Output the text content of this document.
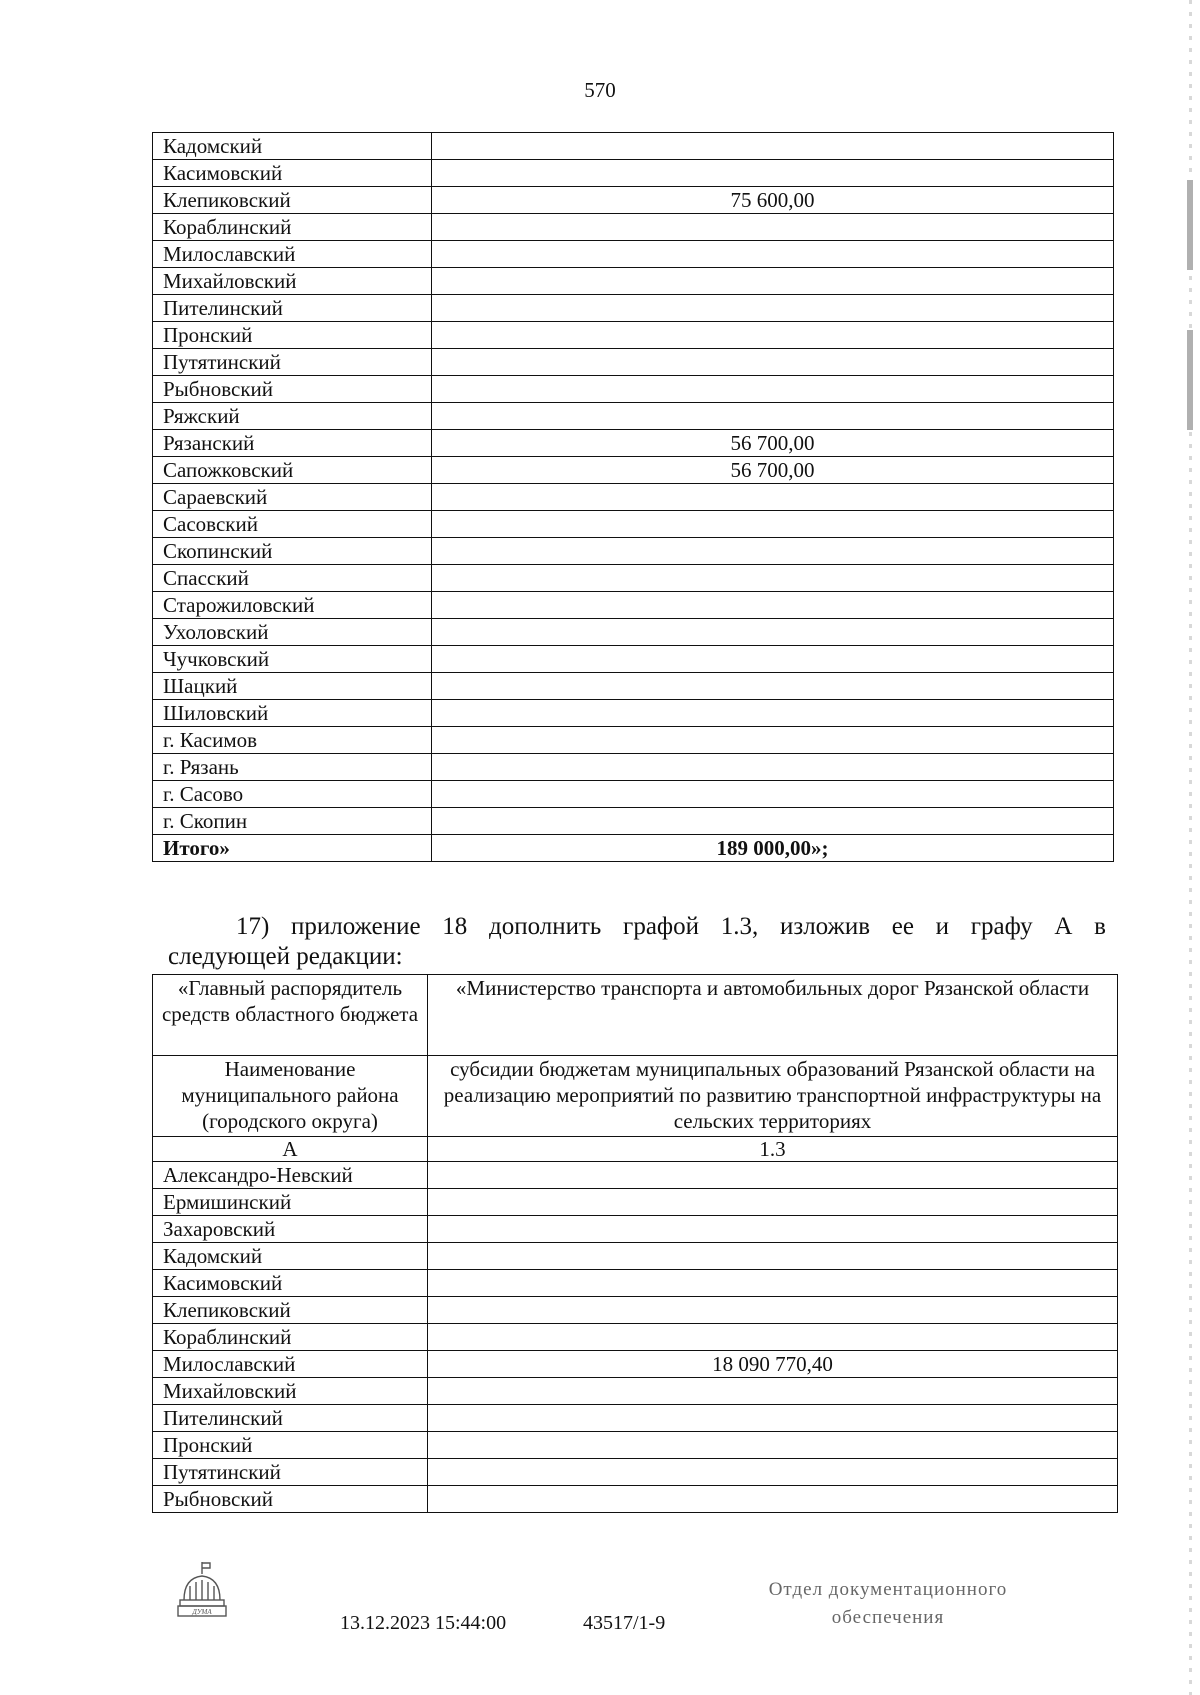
570
Кадомский	
Касимовский	
Клепиковский	75 600,00
Кораблинский	
Милославский	
Михайловский	
Пителинский	
Пронский	
Путятинский	
Рыбновский	
Ряжский	
Рязанский	56 700,00
Сапожковский	56 700,00
Сараевский	
Сасовский	
Скопинский	
Спасский	
Старожиловский	
Ухоловский	
Чучковский	
Шацкий	
Шиловский	
г. Касимов	
г. Рязань	
г. Сасово	
г. Скопин	
Итого»	189 000,00»;
17) приложение 18 дополнить графой 1.3, изложив ее и графу А в
следующей редакции:
«Главный распорядитель средств областного бюджета	«Министерство транспорта и автомобильных дорог Рязанской области
Наименование муниципального района (городского округа)	субсидии бюджетам муниципальных образований Рязанской области на реализацию мероприятий по развитию транспортной инфраструктуры на сельских территориях
А	1.3
Александро-Невский	
Ермишинский	
Захаровский	
Кадомский	
Касимовский	
Клепиковский	
Кораблинский	
Милославский	18 090 770,40
Михайловский	
Пителинский	
Пронский	
Путятинский	
Рыбновский	
ДУМА	13.12.2023 15:44:00	43517/1-9
Отдел документационного
обеспечения
